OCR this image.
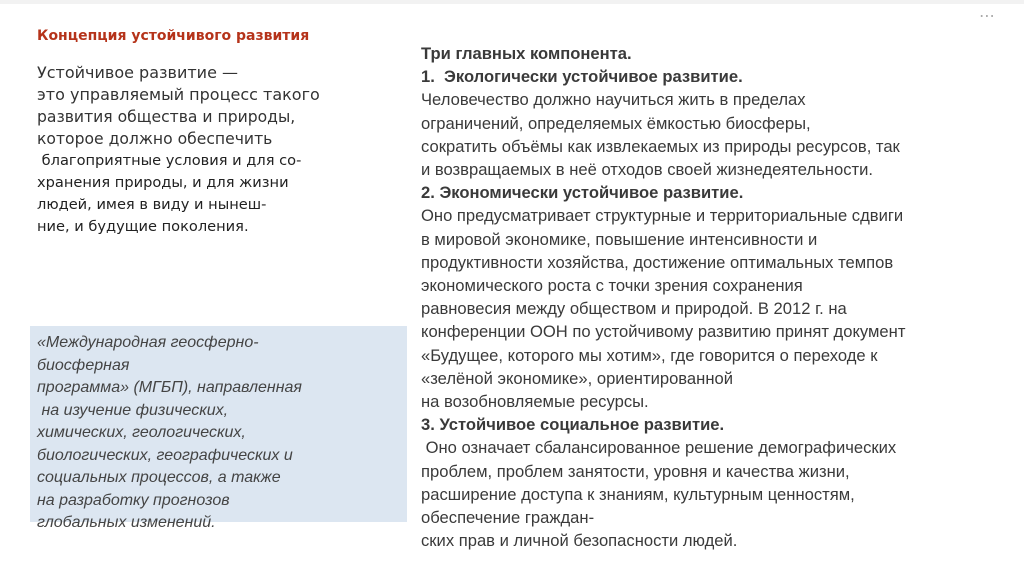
⋯
Концепция устойчивого развития
Устойчивое развитие —
это управляемый процесс такого
развития общества и природы,
которое должно обеспечить
благоприятные условия и для со-
хранения природы, и для жизни
людей, имея в виду и нынеш-
ние, и будущие поколения.
«Международная геосферно-
биосферная
программа» (МГБП), направленная
на изучение физических,
химических, геологических,
биологических, географических и
социальных процессов, а также
на разработку прогнозов
глобальных изменений.
Три главных компонента.
1.  Экологически устойчивое развитие.
Человечество должно научиться жить в пределах
ограничений, определяемых ёмкостью биосферы,
сократить объёмы как извлекаемых из природы ресурсов, так
и возвращаемых в неё отходов своей жизнедеятельности.
2. Экономически устойчивое развитие.
Оно предусматривает структурные и территориальные сдвиги
в мировой экономике, повышение интенсивности и
продуктивности хозяйства, достижение оптимальных темпов
экономического роста с точки зрения сохранения
равновесия между обществом и природой. В 2012 г. на
конференции ООН по устойчивому развитию принят документ
«Будущее, которого мы хотим», где говорится о переходе к
«зелёной экономике», ориентированной
на возобновляемые ресурсы.
3. Устойчивое социальное развитие.
Оно означает сбалансированное решение демографических
проблем, проблем занятости, уровня и качества жизни,
расширение доступа к знаниям, культурным ценностям,
обеспечение граждан-
ских прав и личной безопасности людей.
